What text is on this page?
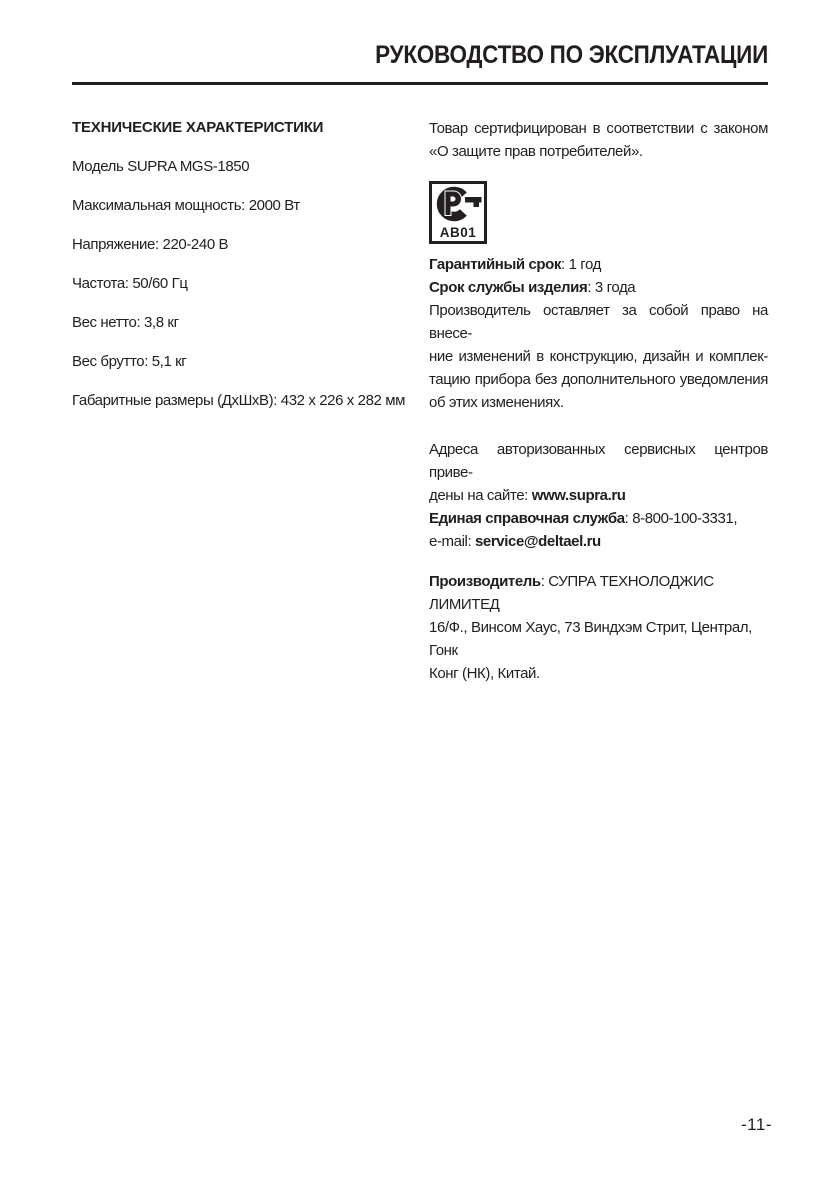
РУКОВОДСТВО ПО ЭКСПЛУАТАЦИИ
ТЕХНИЧЕСКИЕ ХАРАКТЕРИСТИКИ

Модель SUPRA MGS-1850

Максимальная мощность: 2000 Вт

Напряжение: 220-240 В

Частота: 50/60 Гц

Вес нетто: 3,8 кг

Вес брутто: 5,1 кг

Габаритные размеры (ДхШхВ): 432 х 226 х 282 мм

Товар сертифицирован в соответствии с законом

«О защите прав потребителей».

АВ01

Гарантийный срок: 1 год

Срок службы изделия: 3 года

Производитель оставляет за собой право на внесе-

ние изменений в конструкцию, дизайн и комплек-

тацию прибора без дополнительного уведомления

об этих изменениях.

Адреса авторизованных сервисных центров приве-

дены на сайте: www.supra.ru

Единая справочная служба: 8-800-100-3331,

e-mail: service@deltael.ru

Производитель: СУПРА ТЕХНОЛОДЖИС ЛИМИТЕД

16/Ф., Винсом Хаус, 73 Виндхэм Стрит, Централ, Гонк

Конг (НК), Китай.

-11-
